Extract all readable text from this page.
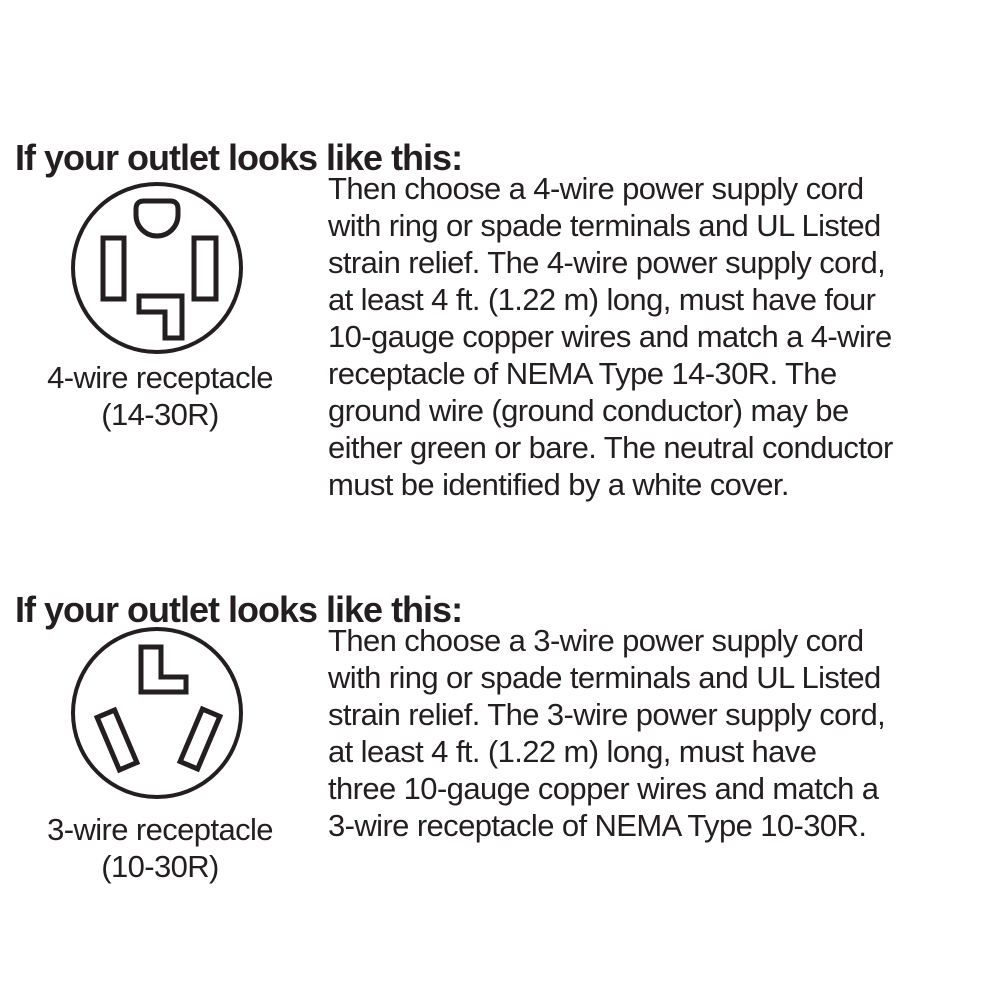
If your outlet looks like this:
4-wire receptacle
(14-30R)
Then choose a 4-wire power supply cord
with ring or spade terminals and UL Listed
strain relief. The 4-wire power supply cord,
at least 4 ft. (1.22 m) long, must have four
10-gauge copper wires and match a 4-wire
receptacle of NEMA Type 14-30R. The
ground wire (ground conductor) may be
either green or bare. The neutral conductor
must be identified by a white cover.
If your outlet looks like this:
3-wire receptacle
(10-30R)
Then choose a 3-wire power supply cord
with ring or spade terminals and UL Listed
strain relief. The 3-wire power supply cord,
at least 4 ft. (1.22 m) long, must have
three 10-gauge copper wires and match a
3-wire receptacle of NEMA Type 10-30R.
